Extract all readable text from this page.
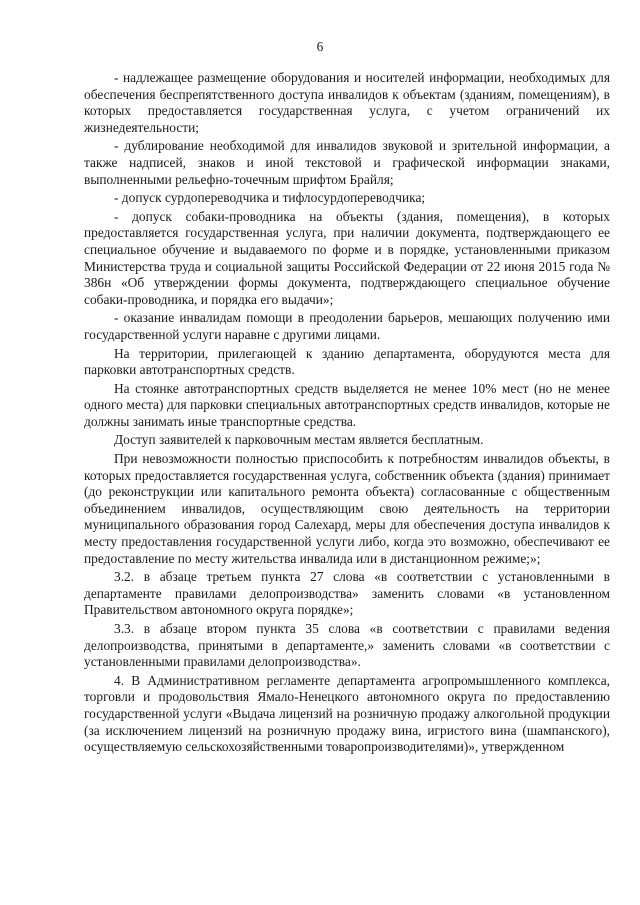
6

- надлежащее размещение оборудования и носителей информации, необходимых для обеспечения беспрепятственного доступа инвалидов к объектам (зданиям, помещениям), в которых предоставляется государственная услуга, с учетом ограничений их жизнедеятельности;

- дублирование необходимой для инвалидов звуковой и зрительной информации, а также надписей, знаков и иной текстовой и графической информации знаками, выполненными рельефно-точечным шрифтом Брайля;

- допуск сурдопереводчика и тифлосурдопереводчика;

- допуск собаки-проводника на объекты (здания, помещения), в которых предоставляется государственная услуга, при наличии документа, подтверждающего ее специальное обучение и выдаваемого по форме и в порядке, установленными приказом Министерства труда и социальной защиты Российской Федерации от 22 июня 2015 года № 386н «Об утверждении формы документа, подтверждающего специальное обучение собаки-проводника, и порядка его выдачи»;

- оказание инвалидам помощи в преодолении барьеров, мешающих получению ими государственной услуги наравне с другими лицами.

На территории, прилегающей к зданию департамента, оборудуются места для парковки автотранспортных средств.

На стоянке автотранспортных средств выделяется не менее 10% мест (но не менее одного места) для парковки специальных автотранспортных средств инвалидов, которые не должны занимать иные транспортные средства.

Доступ заявителей к парковочным местам является бесплатным.

При невозможности полностью приспособить к потребностям инвалидов объекты, в которых предоставляется государственная услуга, собственник объекта (здания) принимает (до реконструкции или капитального ремонта объекта) согласованные с общественным объединением инвалидов, осуществляющим свою деятельность на территории муниципального образования город Салехард, меры для обеспечения доступа инвалидов к месту предоставления государственной услуги либо, когда это возможно, обеспечивают ее предоставление по месту жительства инвалида или в дистанционном режиме;»;

3.2. в абзаце третьем пункта 27 слова «в соответствии с установленными в департаменте правилами делопроизводства» заменить словами «в установленном Правительством автономного округа порядке»;

3.3. в абзаце втором пункта 35 слова «в соответствии с правилами ведения делопроизводства, принятыми в департаменте,» заменить словами «в соответствии с установленными правилами делопроизводства».

4. В Административном регламенте департамента агропромышленного комплекса, торговли и продовольствия Ямало-Ненецкого автономного округа по предоставлению государственной услуги «Выдача лицензий на розничную продажу алкогольной продукции (за исключением лицензий на розничную продажу вина, игристого вина (шампанского), осуществляемую сельскохозяйственными товаропроизводителями)», утвержденном
